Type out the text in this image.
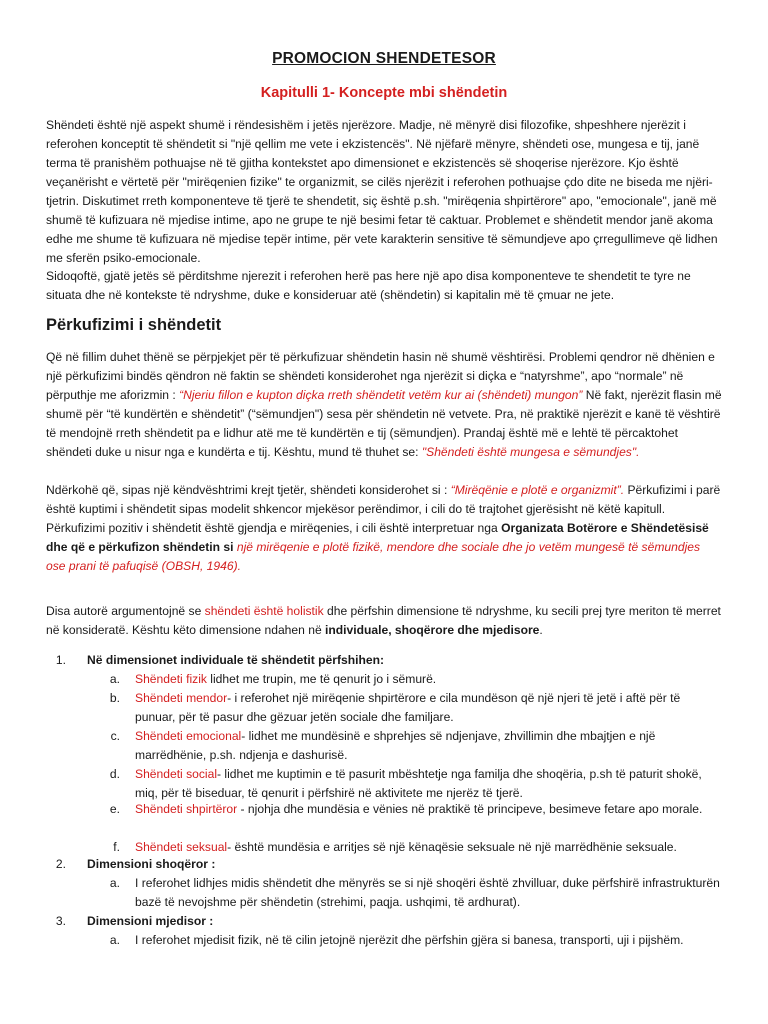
PROMOCION SHENDETESOR
Kapitulli 1- Koncepte mbi shëndetin

Shëndeti është një aspekt shumë i rëndesishëm i jetës njerëzore. Madje, në mënyrë disi filozofike, shpeshhere njerëzit i referohen konceptit të shëndetit si "një qellim me vete i ekzistencës". Në njëfarë mënyre, shëndeti ose, mungesa e tij, janë terma të pranishëm pothuajse në të gjitha kontekstet apo dimensionet e ekzistencës së shoqerise njerëzore. Kjo është veçanërisht e vërtetë për "mirëqenien fizike" te organizmit, se cilës njerëzit i referohen pothuajse çdo dite ne biseda me njëri-tjetrin. Diskutimet rreth komponenteve të tjerë te shendetit, siç është p.sh. "mirëqenia shpirtërore" apo, "emocionale", janë më shumë të kufizuara në mjedise intime, apo ne grupe te një besimi fetar të caktuar. Problemet e shëndetit mendor janë akoma edhe me shume të kufizuara në mjedise tepër intime, për vete karakterin sensitive të sëmundjeve apo çrregullimeve që lidhen me sferën psiko-emocionale.

Sidoqoftë, gjatë jetës së përditshme njerezit i referohen herë pas here një apo disa komponenteve te shendetit te tyre ne situata dhe në kontekste të ndryshme, duke e konsideruar atë (shëndetin) si kapitalin më të çmuar ne jete.

Përkufizimi i shëndetit

Që në fillim duhet thënë se përpjekjet për të përkufizuar shëndetin hasin në shumë vështirësi. Problemi qendror në dhënien e një përkufizimi bindës qëndron në faktin se shëndeti konsiderohet nga njerëzit si diçka e “natyrshme”, apo “normale” në përputhje me aforizmin : “Njeriu fillon e kupton diçka rreth shëndetit vetëm kur ai (shëndeti) mungon” Në fakt, njerëzit flasin më shumë për “të kundërtën e shëndetit” (“sëmundjen") sesa për shëndetin në vetvete. Pra, në praktikë njerëzit e kanë të vështirë të mendojnë rreth shëndetit pa e lidhur atë me të kundërtën e tij (sëmundjen). Prandaj është më e lehtë të përcaktohet shëndeti duke u nisur nga e kundërta e tij. Kështu, mund të thuhet se: "Shëndeti është mungesa e sëmundjes".

Ndërkohë që, sipas një këndvështrimi krejt tjetër, shëndeti konsiderohet si : “Mirëqënie e plotë e organizmit”. Përkufizimi i parë është kuptimi i shëndetit sipas modelit shkencor mjekësor perëndimor, i cili do të trajtohet gjerësisht në këtë kapitull. Përkufizimi pozitiv i shëndetit është gjendja e mirëqenies, i cili është interpretuar nga Organizata Botërore e Shëndetësisë dhe që e përkufizon shëndetin si një mirëqenie e plotë fizikë, mendore dhe sociale dhe jo vetëm mungesë të sëmundjes ose prani të pafuqisë (OBSH, 1946).

Disa autorë argumentojnë se shëndeti është holistik dhe përfshin dimensione të ndryshme, ku secili prej tyre meriton të merret në konsideratë. Kështu këto dimensione ndahen në individuale, shoqërore dhe mjedisore.

1. Në dimensionet individuale të shëndetit përfshihen:
a. Shëndeti fizik lidhet me trupin, me të qenurit jo i sëmurë.
b. Shëndeti mendor- i referohet një mirëqenie shpirtërore e cila mundëson që një njeri të jetë i aftë për të punuar, për të pasur dhe gëzuar jetën sociale dhe familjare.
c. Shëndeti emocional- lidhet me mundësinë e shprehjes së ndjenjave, zhvillimin dhe mbajtjen e një marrëdhënie, p.sh. ndjenja e dashurisë.
d. Shëndeti social- lidhet me kuptimin e të pasurit mbështetje nga familja dhe shoqëria, p.sh të paturit shokë, miq, për të biseduar, të qenurit i përfshirë në aktivitete me njerëz të tjerë.
e. Shëndeti shpirtëror - njohja dhe mundësia e vënies në praktikë të principeve, besimeve fetare apo morale.
f. Shëndeti seksual- është mundësia e arritjes së një kënaqësie seksuale në një marrëdhënie seksuale.
2. Dimensioni shoqëror :
a. I referohet lidhjes midis shëndetit dhe mënyrës se si një shoqëri është zhvilluar, duke përfshirë infrastrukturën bazë të nevojshme për shëndetin (strehimi, paqja. ushqimi, të ardhurat).
3. Dimensioni mjedisor :
a. I referohet mjedisit fizik, në të cilin jetojnë njerëzit dhe përfshin gjëra si banesa, transporti, uji i pijshëm.
